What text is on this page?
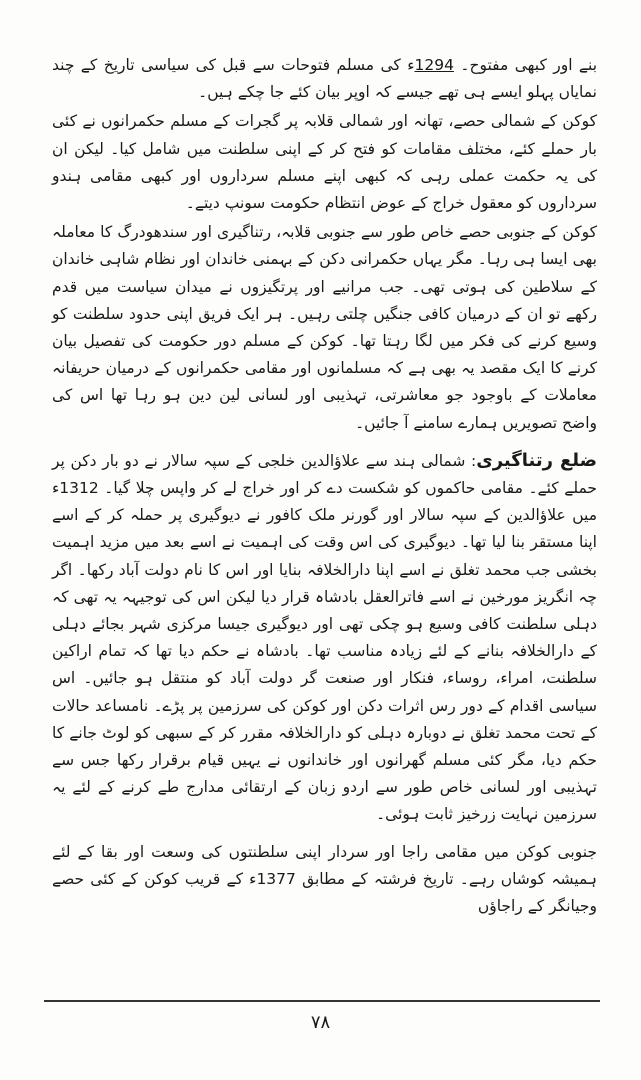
بنے اور کبھی مفتوح۔ 1294ء کی مسلم فتوحات سے قبل کی سیاسی تاریخ کے چند نمایاں پہلو ایسے ہی تھے جیسے کہ اوپر بیان کئے جا چکے ہیں۔

کوکن کے شمالی حصے، تھانہ اور شمالی قلابہ پر گجرات کے مسلم حکمرانوں نے کئی بار حملے کئے، مختلف مقامات کو فتح کر کے اپنی سلطنت میں شامل کیا۔ لیکن ان کی یہ حکمت عملی رہی کہ کبھی اپنے مسلم سرداروں اور کبھی مقامی ہندو سرداروں کو معقول خراج کے عوض انتظام حکومت سونپ دیتے۔

کوکن کے جنوبی حصے خاص طور سے جنوبی قلابہ، رتناگیری اور سندھودرگ کا معاملہ بھی ایسا ہی رہا۔ مگر یہاں حکمرانی دکن کے بہمنی خاندان اور نظام شاہی خاندان کے سلاطین کی ہوتی تھی۔ جب مرانیے اور پرتگیزوں نے میدان سیاست میں قدم رکھے تو ان کے درمیان کافی جنگیں چلتی رہیں۔ ہر ایک فریق اپنی حدود سلطنت کو وسیع کرنے کی فکر میں لگا رہتا تھا۔ کوکن کے مسلم دور حکومت کی تفصیل بیان کرنے کا ایک مقصد یہ بھی ہے کہ مسلمانوں اور مقامی حکمرانوں کے درمیان حریفانہ معاملات کے باوجود جو معاشرتی، تہذیبی اور لسانی لین دین ہو رہا تھا اس کی واضح تصویریں ہمارے سامنے آ جائیں۔

ضلع رتناگیری: شمالی ہند سے علاؤالدین خلجی کے سپہ سالار نے دو بار دکن پر حملے کئے۔ مقامی حاکموں کو شکست دے کر اور خراج لے کر واپس چلا گیا۔ 1312ء میں علاؤالدین کے سپہ سالار اور گورنر ملک کافور نے دیوگیری پر حملہ کر کے اسے اپنا مستقر بنا لیا تھا۔ دیوگیری کی اس وقت کی اہمیت نے اسے بعد میں مزید اہمیت بخشی جب محمد تغلق نے اسے اپنا دارالخلافہ بنایا اور اس کا نام دولت آباد رکھا۔ اگر چہ انگریز مورخین نے اسے فاترالعقل بادشاہ قرار دیا لیکن اس کی توجیہہ یہ تھی کہ دہلی سلطنت کافی وسیع ہو چکی تھی اور دیوگیری جیسا مرکزی شہر بجائے دہلی کے دارالخلافہ بنانے کے لئے زیادہ مناسب تھا۔ بادشاہ نے حکم دیا تھا کہ تمام اراکین سلطنت، امراء، روساء، فنکار اور صنعت گر دولت آباد کو منتقل ہو جائیں۔ اس سیاسی اقدام کے دور رس اثرات دکن اور کوکن کی سرزمین پر پڑے۔ نامساعد حالات کے تحت محمد تغلق نے دوبارہ دہلی کو دارالخلافہ مقرر کر کے سبھی کو لوٹ جانے کا حکم دیا، مگر کئی مسلم گھرانوں اور خاندانوں نے یہیں قیام برقرار رکھا جس سے تہذیبی اور لسانی خاص طور سے اردو زبان کے ارتقائی مدارج طے کرنے کے لئے یہ سرزمین نہایت زرخیز ثابت ہوئی۔

جنوبی کوکن میں مقامی راجا اور سردار اپنی سلطنتوں کی وسعت اور بقا کے لئے ہمیشہ کوشاں رہے۔ تاریخ فرشتہ کے مطابق 1377ء کے قریب کوکن کے کئی حصے وجیانگر کے راجاؤں

۷۸
